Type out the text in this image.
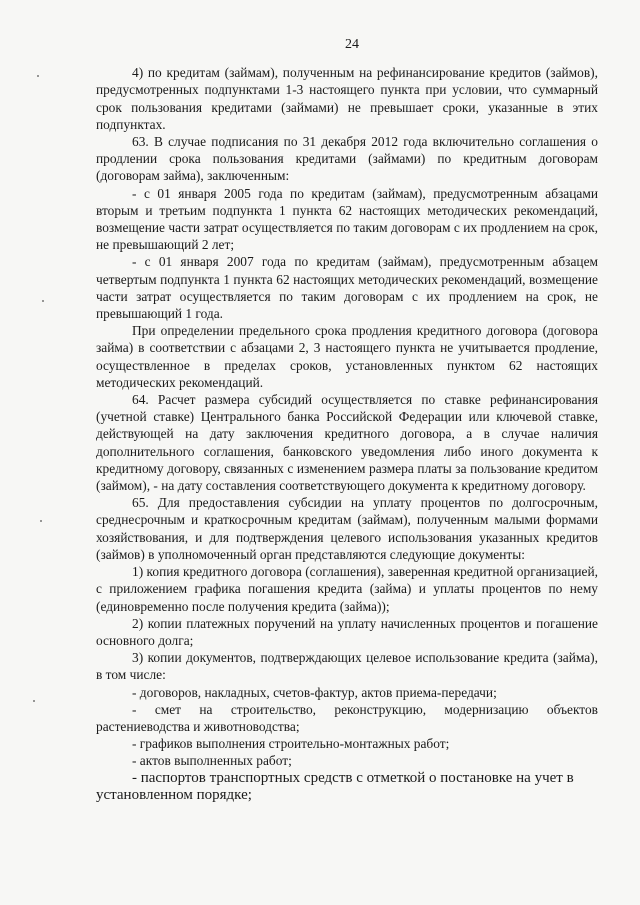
24

4) по кредитам (займам), полученным на рефинансирование кредитов (займов), предусмотренных подпунктами 1-3 настоящего пункта при условии, что суммарный срок пользования кредитами (займами) не превышает сроки, указанные в этих подпунктах.

63. В случае подписания по 31 декабря 2012 года включительно соглашения о продлении срока пользования кредитами (займами) по кредитным договорам (договорам займа), заключенным:

- с 01 января 2005 года по кредитам (займам), предусмотренным абзацами вторым и третьим подпункта 1 пункта 62 настоящих методических рекомендаций, возмещение части затрат осуществляется по таким договорам с их продлением на срок, не превышающий 2 лет;

- с 01 января 2007 года по кредитам (займам), предусмотренным абзацем четвертым подпункта 1 пункта 62 настоящих методических рекомендаций, возмещение части затрат осуществляется по таким договорам с их продлением на срок, не превышающий 1 года.

При определении предельного срока продления кредитного договора (договора займа) в соответствии с абзацами 2, 3 настоящего пункта не учитывается продление, осуществленное в пределах сроков, установленных пунктом 62 настоящих методических рекомендаций.

64. Расчет размера субсидий осуществляется по ставке рефинансирования (учетной ставке) Центрального банка Российской Федерации или ключевой ставке, действующей на дату заключения кредитного договора, а в случае наличия дополнительного соглашения, банковского уведомления либо иного документа к кредитному договору, связанных с изменением размера платы за пользование кредитом (займом), - на дату составления соответствующего документа к кредитному договору.

65. Для предоставления субсидии на уплату процентов по долгосрочным, среднесрочным и краткосрочным кредитам (займам), полученным малыми формами хозяйствования, и для подтверждения целевого использования указанных кредитов (займов) в уполномоченный орган представляются следующие документы:

1) копия кредитного договора (соглашения), заверенная кредитной организацией, с приложением графика погашения кредита (займа) и уплаты процентов по нему (единовременно после получения кредита (займа));

2) копии платежных поручений на уплату начисленных процентов и погашение основного долга;

3) копии документов, подтверждающих целевое использование кредита (займа), в том числе:

- договоров, накладных, счетов-фактур, актов приема-передачи;

- смет на строительство, реконструкцию, модернизацию объектов растениеводства и животноводства;

- графиков выполнения строительно-монтажных работ;

- актов выполненных работ;

- паспортов транспортных средств с отметкой о постановке на учет в установленном порядке;
